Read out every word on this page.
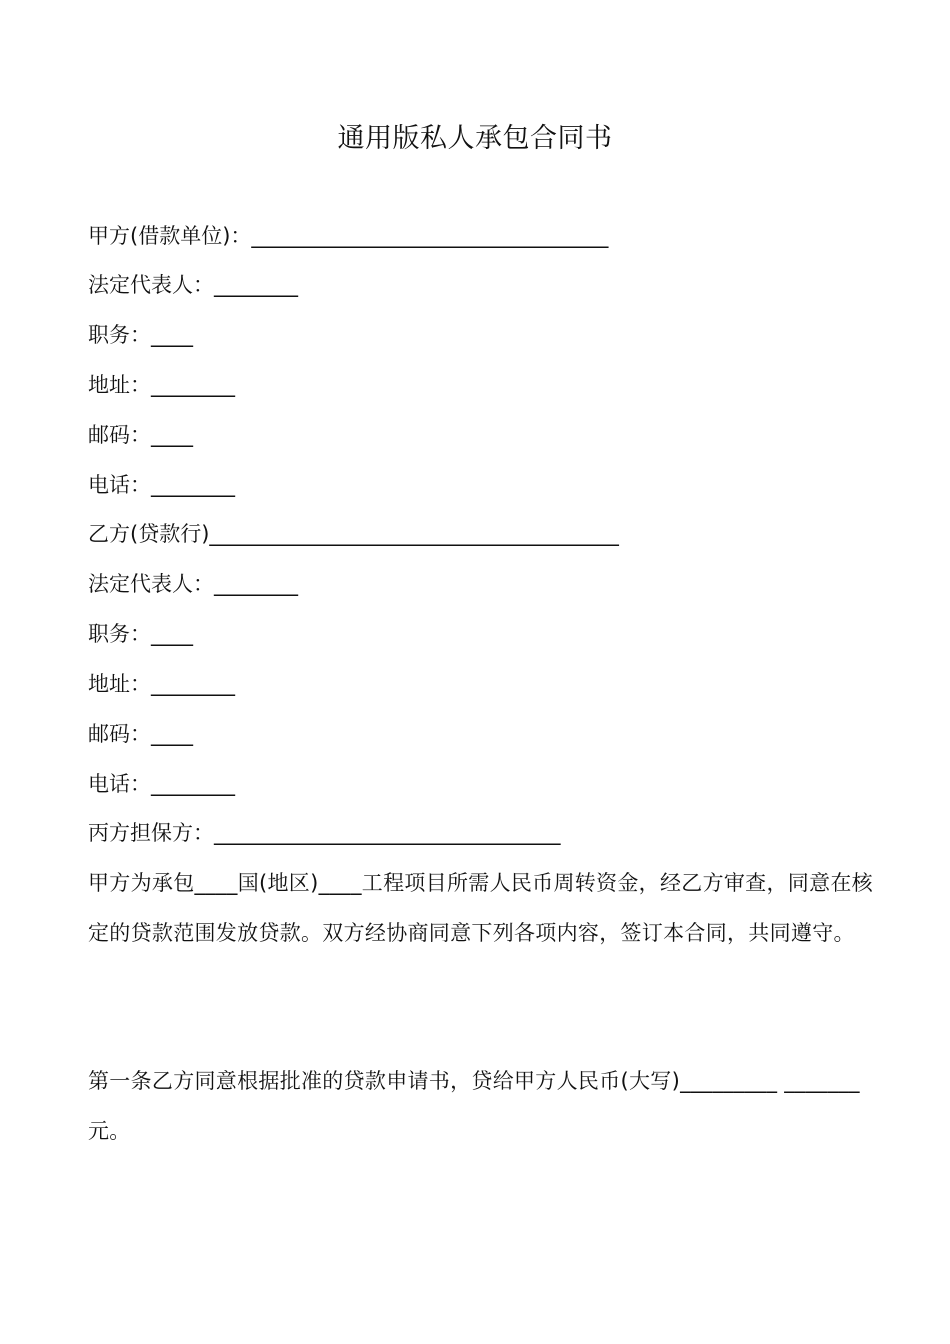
通用版私人承包合同书
甲方(借款单位)：__________________________________
法定代表人：________
职务：____
地址：________
邮码：____
电话：________
乙方(贷款行)_______________________________________
法定代表人：________
职务：____
地址：________
邮码：____
电话：________
丙方担保方：_________________________________
甲方为承包____国(地区)____工程项目所需人民币周转资金，经乙方审查，同意在核定的贷款范围发放贷款。双方经协商同意下列各项内容，签订本合同，共同遵守。
第一条乙方同意根据批准的贷款申请书，贷给甲方人民币(大写)_________ _______元。
